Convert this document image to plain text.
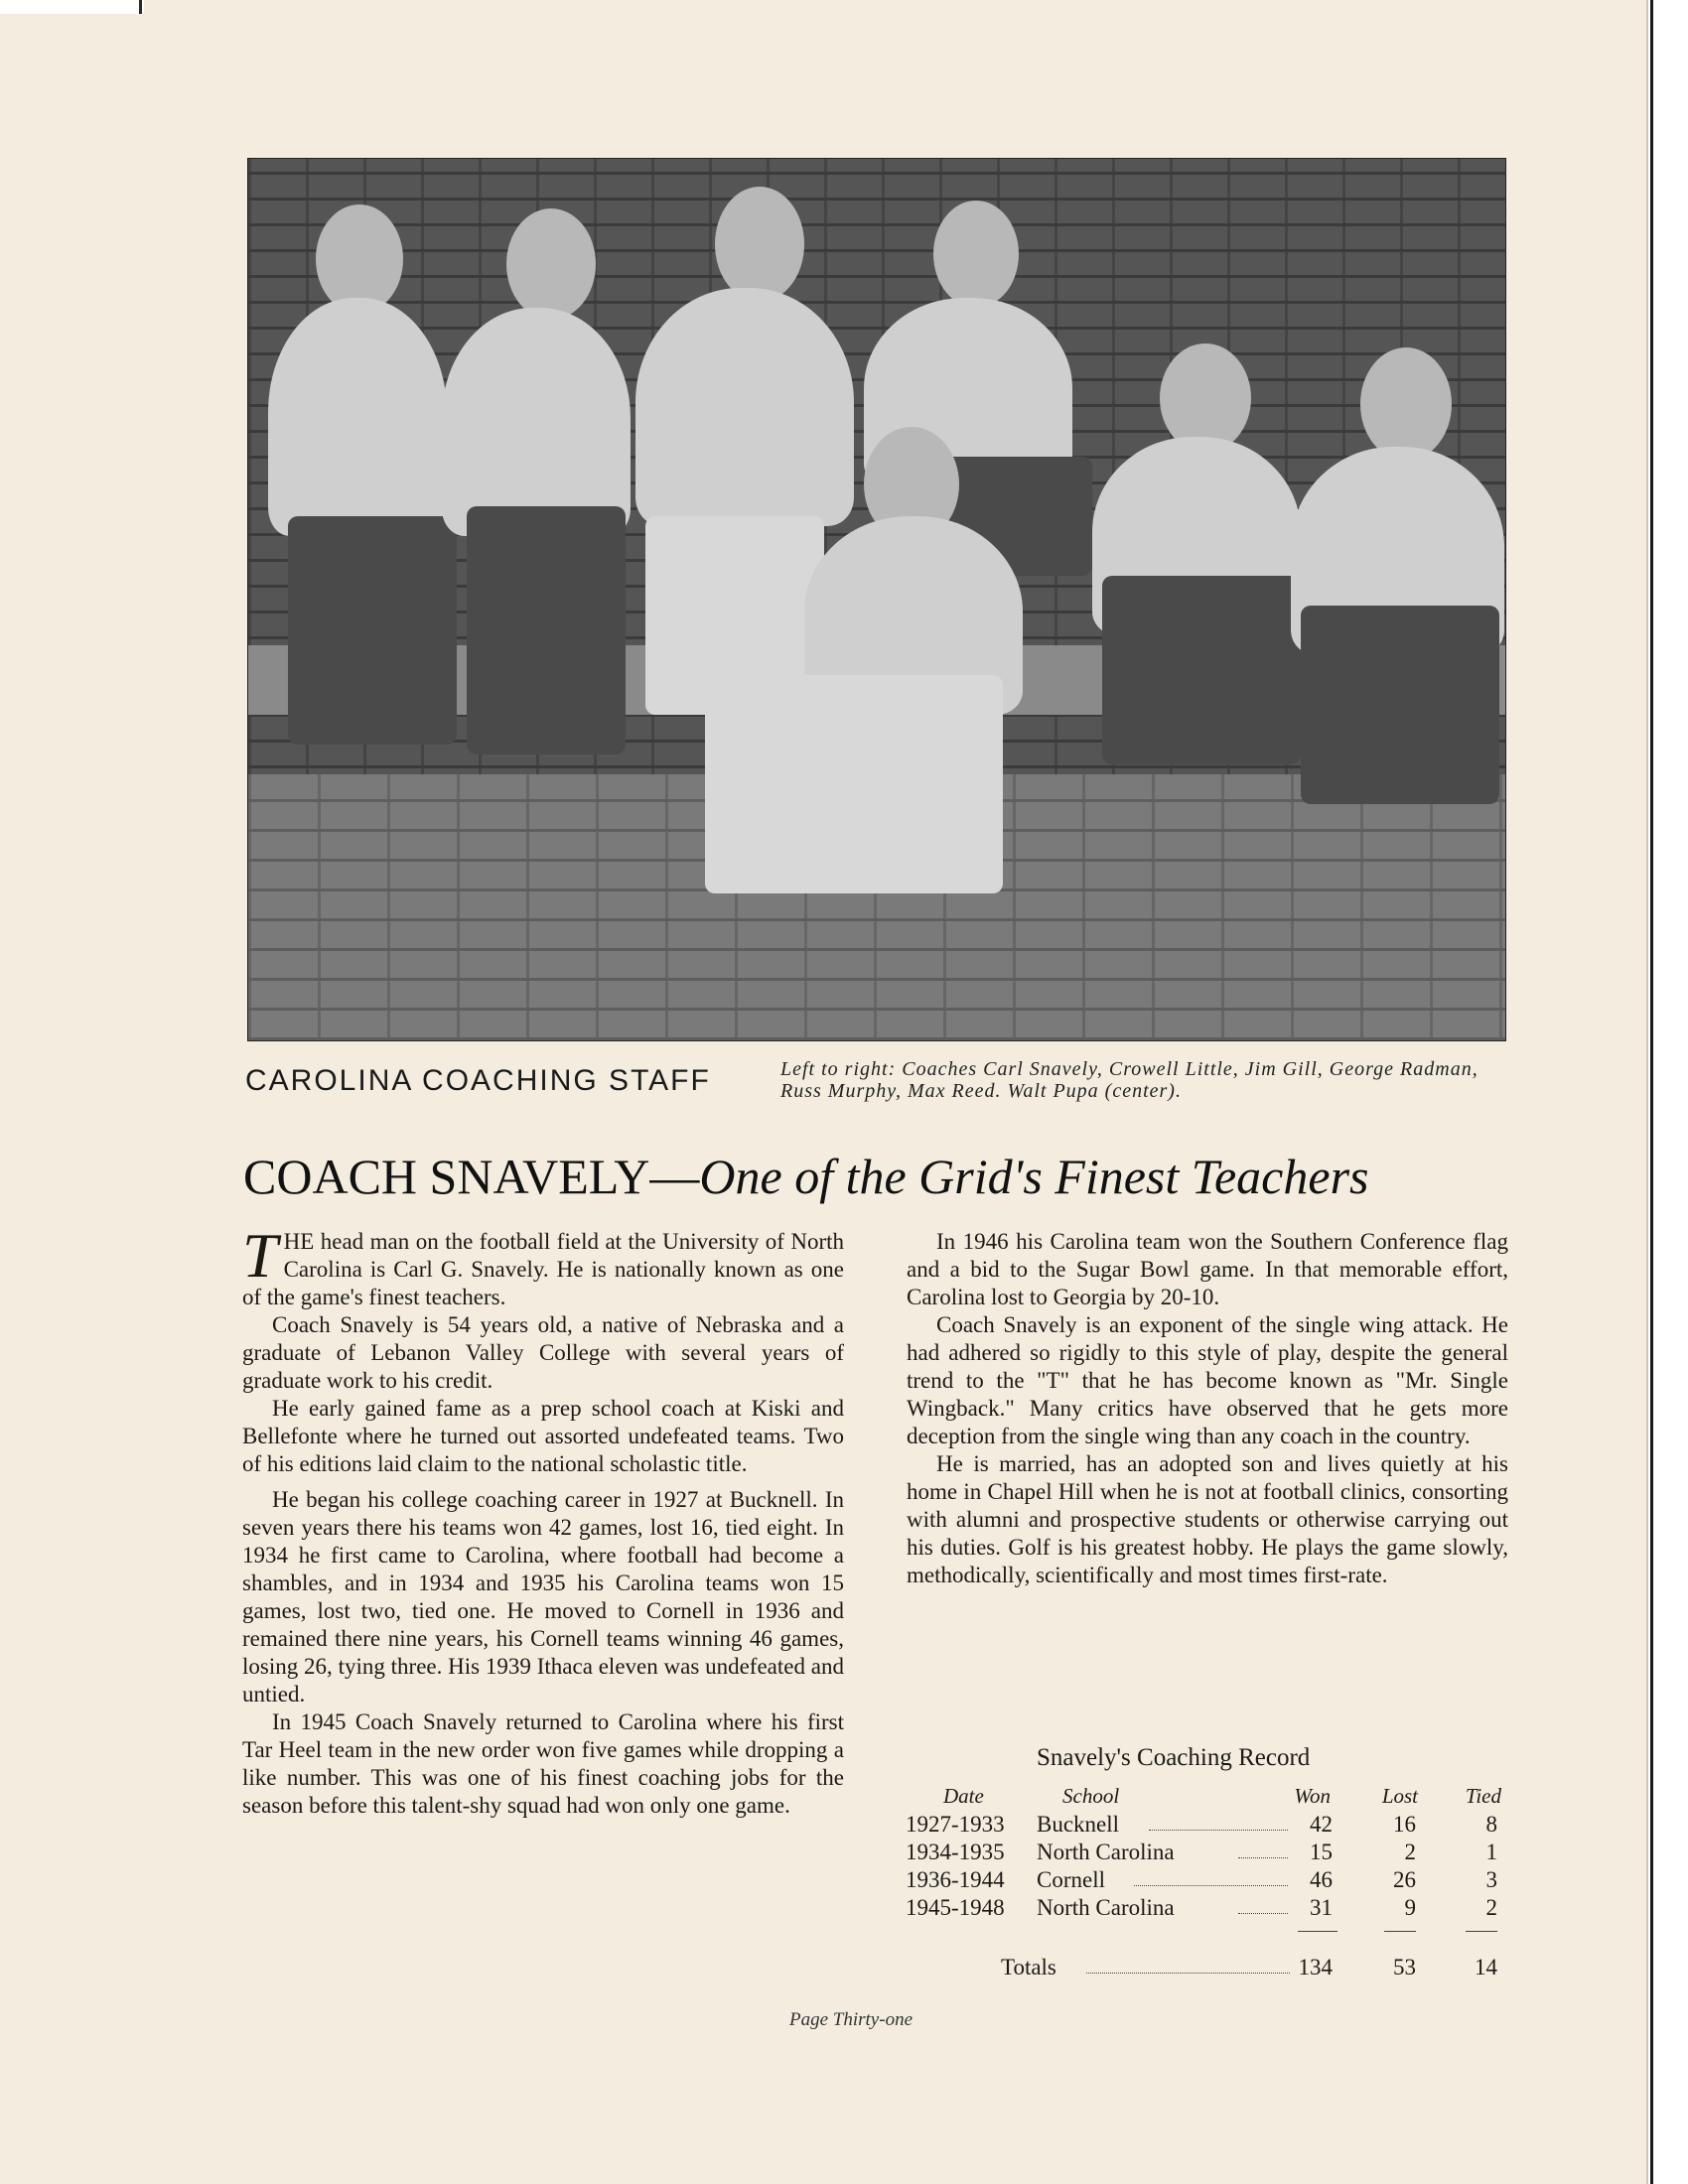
CAROLINA COACHING STAFF	Left to right: Coaches Carl Snavely, Crowell Little, Jim Gill, George Radman, Russ Murphy, Max Reed. Walt Pupa (center).
COACH SNAVELY—One of the Grid's Finest Teachers

THE head man on the football field at the University of North Carolina is Carl G. Snavely. He is nationally known as one of the game's finest teachers.

Coach Snavely is 54 years old, a native of Nebraska and a graduate of Lebanon Valley College with several years of graduate work to his credit.

He early gained fame as a prep school coach at Kiski and Bellefonte where he turned out assorted undefeated teams. Two of his editions laid claim to the national scholastic title.

He began his college coaching career in 1927 at Bucknell. In seven years there his teams won 42 games, lost 16, tied eight. In 1934 he first came to Carolina, where football had become a shambles, and in 1934 and 1935 his Carolina teams won 15 games, lost two, tied one. He moved to Cornell in 1936 and remained there nine years, his Cornell teams winning 46 games, losing 26, tying three. His 1939 Ithaca eleven was undefeated and untied.

In 1945 Coach Snavely returned to Carolina where his first Tar Heel team in the new order won five games while dropping a like number. This was one of his finest coaching jobs for the season before this talent-shy squad had won only one game.

In 1946 his Carolina team won the Southern Conference flag and a bid to the Sugar Bowl game. In that memorable effort, Carolina lost to Georgia by 20-10.

Coach Snavely is an exponent of the single wing attack. He had adhered so rigidly to this style of play, despite the general trend to the "T" that he has become known as "Mr. Single Wingback." Many critics have observed that he gets more deception from the single wing than any coach in the country.

He is married, has an adopted son and lives quietly at his home in Chapel Hill when he is not at football clinics, consorting with alumni and prospective students or otherwise carrying out his duties. Golf is his greatest hobby. He plays the game slowly, methodically, scientifically and most times first-rate.

Snavely's Coaching Record
Date	School	Won Lost Tied
1927-1933 Bucknell	42	16	8
1934-1935 North Carolina	15	2	1
1936-1944 Cornell	46	26	3
1945-1948 North Carolina	31	9	2
Totals	134	53	14
Page Thirty-one
